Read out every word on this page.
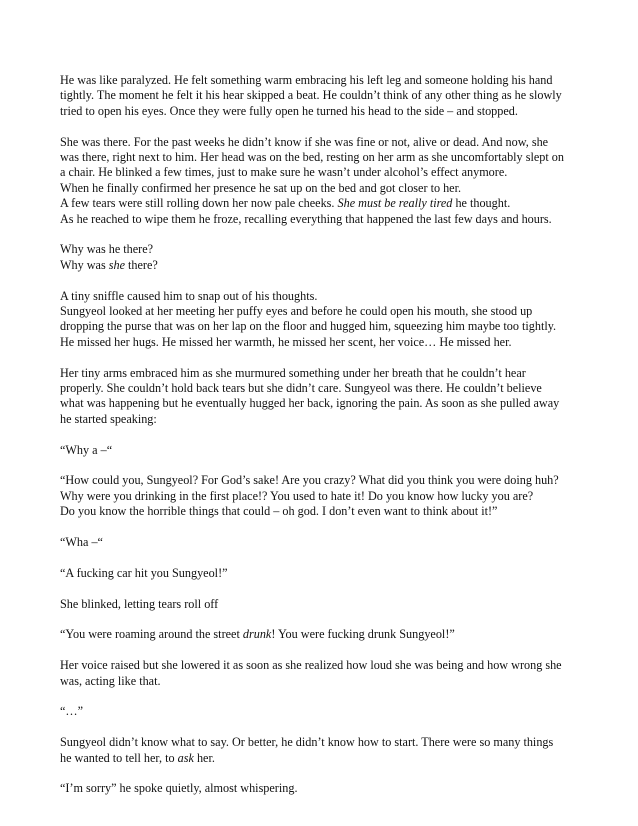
He was like paralyzed. He felt something warm embracing his left leg and someone holding his hand
tightly. The moment he felt it his hear skipped a beat. He couldn’t think of any other thing as he slowly
tried to open his eyes. Once they were fully open he turned his head to the side – and stopped.

She was there. For the past weeks he didn’t know if she was fine or not, alive or dead. And now, she
was there, right next to him. Her head was on the bed, resting on her arm as she uncomfortably slept on
a chair. He blinked a few times, just to make sure he wasn’t under alcohol’s effect anymore.
When he finally confirmed her presence he sat up on the bed and got closer to her.
A few tears were still rolling down her now pale cheeks. She must be really tired he thought.
As he reached to wipe them he froze, recalling everything that happened the last few days and hours.

Why was he there?
Why was she there?

A tiny sniffle caused him to snap out of his thoughts.
Sungyeol looked at her meeting her puffy eyes and before he could open his mouth, she stood up
dropping the purse that was on her lap on the floor and hugged him, squeezing him maybe too tightly.
He missed her hugs. He missed her warmth, he missed her scent, her voice… He missed her.

Her tiny arms embraced him as she murmured something under her breath that he couldn’t hear
properly. She couldn’t hold back tears but she didn’t care. Sungyeol was there. He couldn’t believe
what was happening but he eventually hugged her back, ignoring the pain. As soon as she pulled away
he started speaking:

“Why a –“

“How could you, Sungyeol? For God’s sake! Are you crazy? What did you think you were doing huh?
Why were you drinking in the first place!? You used to hate it! Do you know how lucky you are?
Do you know the horrible things that could – oh god. I don’t even want to think about it!”

“Wha –“

“A fucking car hit you Sungyeol!”

She blinked, letting tears roll off

“You were roaming around the street drunk! You were fucking drunk Sungyeol!”

Her voice raised but she lowered it as soon as she realized how loud she was being and how wrong she
was, acting like that.

“…”

Sungyeol didn’t know what to say. Or better, he didn’t know how to start. There were so many things
he wanted to tell her, to ask her.

“I’m sorry” he spoke quietly, almost whispering.
